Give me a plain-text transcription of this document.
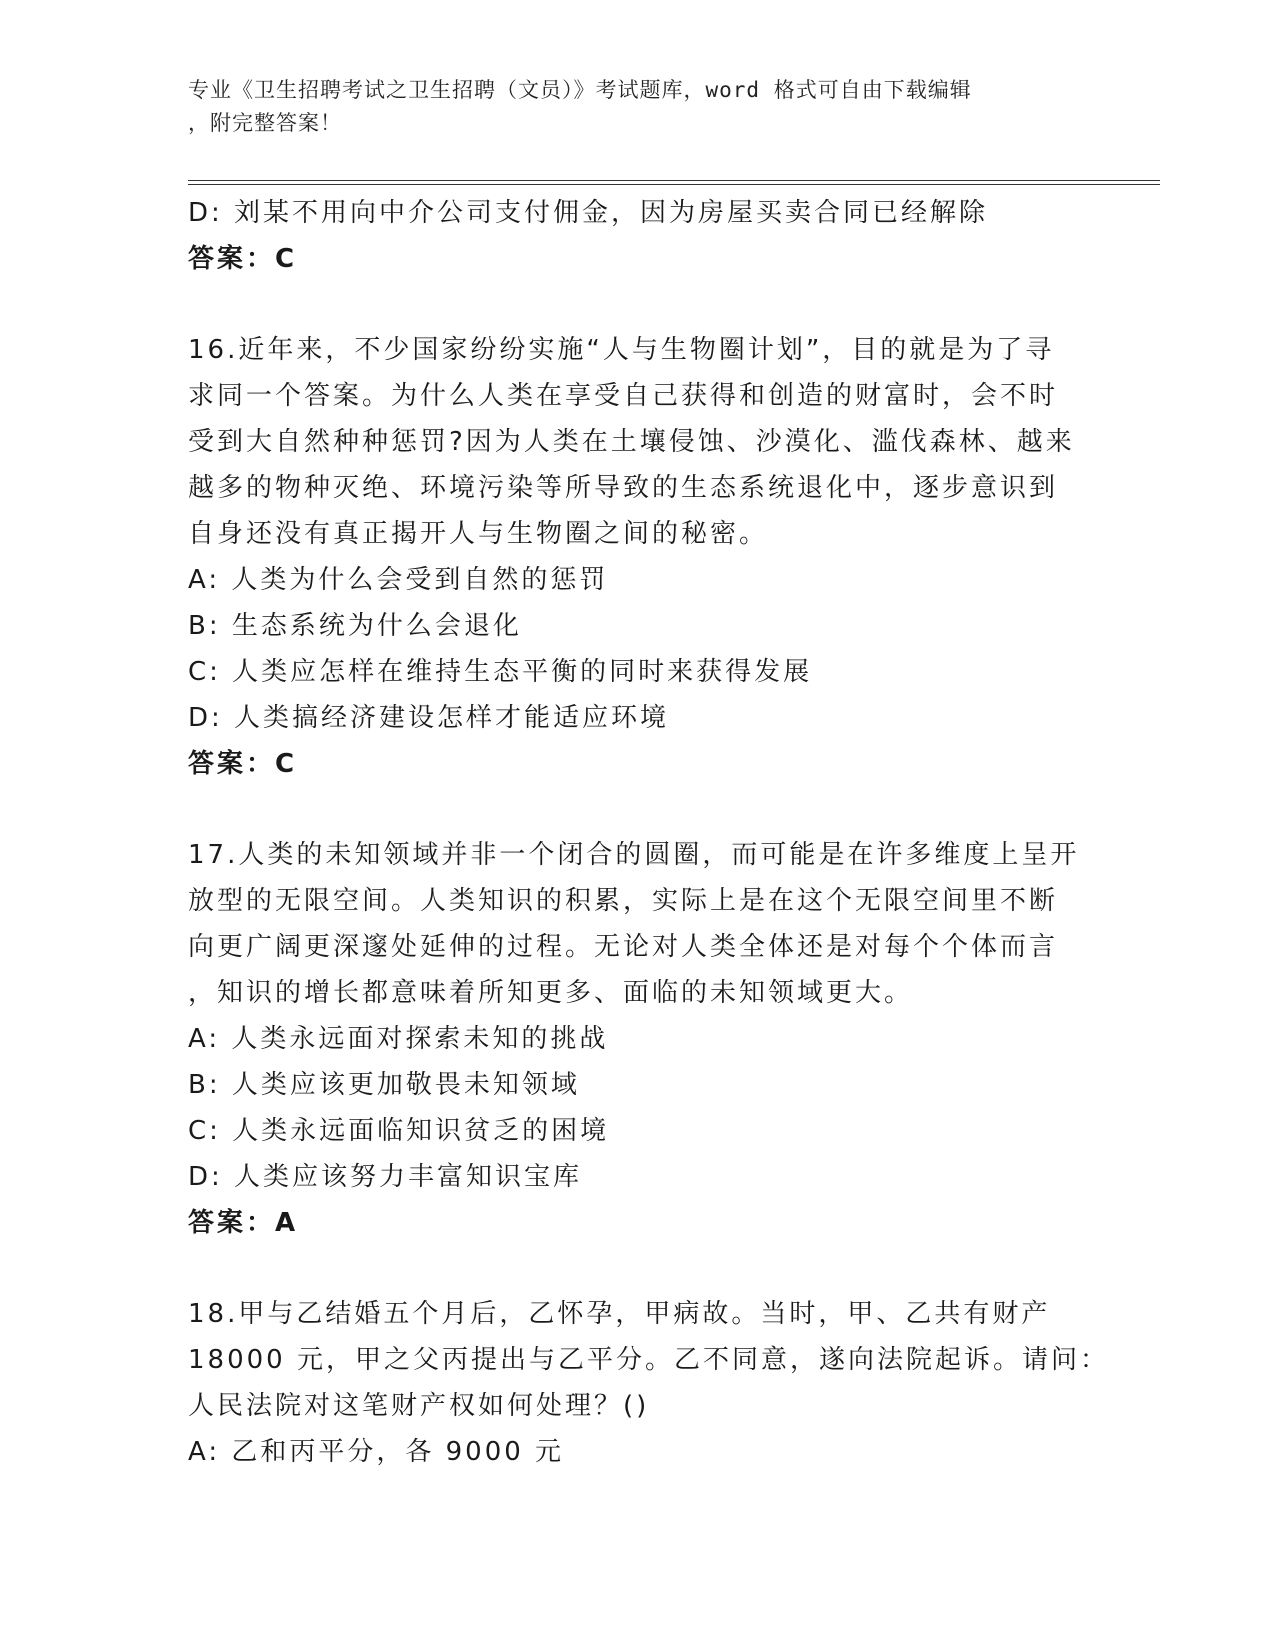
专业《卫生招聘考试之卫生招聘（文员）》考试题库，word 格式可自由下载编辑
，附完整答案！
D: 刘某不用向中介公司支付佣金，因为房屋买卖合同已经解除
答案：C
16.近年来，不少国家纷纷实施“人与生物圈计划”，目的就是为了寻
求同一个答案。为什么人类在享受自己获得和创造的财富时，会不时
受到大自然种种惩罚?因为人类在土壤侵蚀、沙漠化、滥伐森林、越来
越多的物种灭绝、环境污染等所导致的生态系统退化中，逐步意识到
自身还没有真正揭开人与生物圈之间的秘密。
A: 人类为什么会受到自然的惩罚
B: 生态系统为什么会退化
C: 人类应怎样在维持生态平衡的同时来获得发展
D: 人类搞经济建设怎样才能适应环境
答案：C
17.人类的未知领域并非一个闭合的圆圈，而可能是在许多维度上呈开
放型的无限空间。人类知识的积累，实际上是在这个无限空间里不断
向更广阔更深邃处延伸的过程。无论对人类全体还是对每个个体而言
，知识的增长都意味着所知更多、面临的未知领域更大。
A: 人类永远面对探索未知的挑战
B: 人类应该更加敬畏未知领域
C: 人类永远面临知识贫乏的困境
D: 人类应该努力丰富知识宝库
答案：A
18.甲与乙结婚五个月后，乙怀孕，甲病故。当时，甲、乙共有财产
18000 元，甲之父丙提出与乙平分。乙不同意，遂向法院起诉。请问：
人民法院对这笔财产权如何处理？()
A: 乙和丙平分，各 9000 元
